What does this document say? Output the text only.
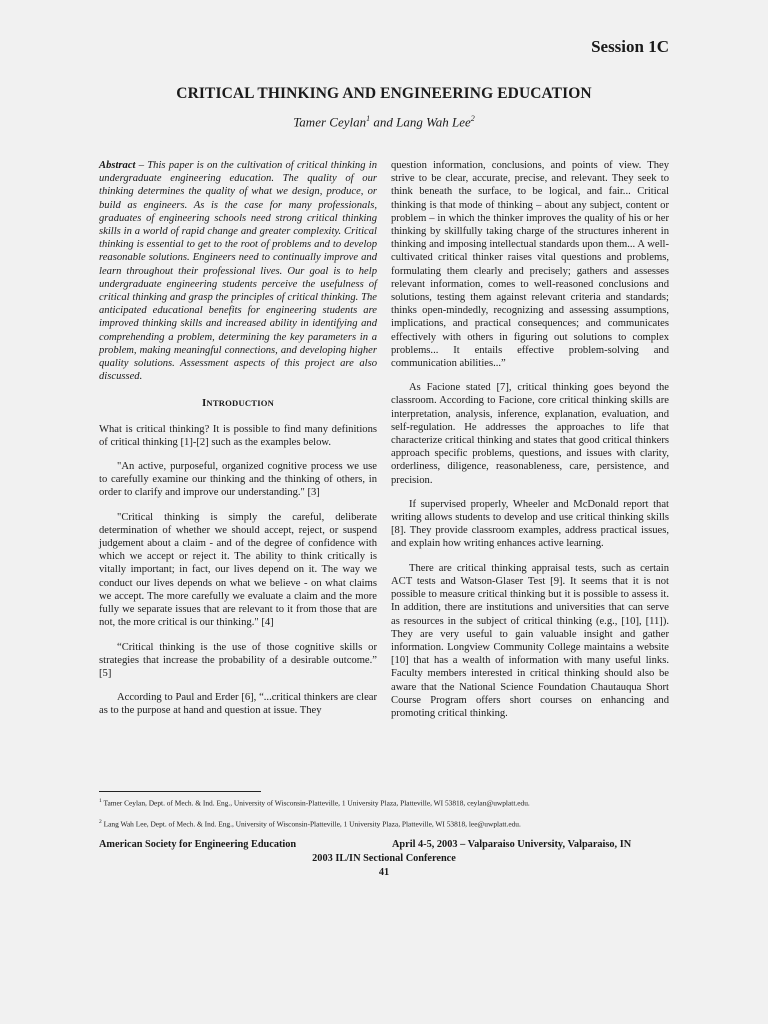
Session 1C
CRITICAL THINKING AND ENGINEERING EDUCATION
Tamer Ceylan$^1$ and Lang Wah Lee$^2$

Abstract – This paper is on the cultivation of critical thinking in undergraduate engineering education. The quality of our thinking determines the quality of what we design, produce, or build as engineers. As is the case for many professionals, graduates of engineering schools need strong critical thinking skills in a world of rapid change and greater complexity. Critical thinking is essential to get to the root of problems and to develop reasonable solutions. Engineers need to continually improve and learn throughout their professional lives. Our goal is to help undergraduate engineering students perceive the usefulness of critical thinking and grasp the principles of critical thinking. The anticipated educational benefits for engineering students are improved thinking skills and increased ability in identifying and comprehending a problem, determining the key parameters in a problem, making meaningful connections, and developing higher quality solutions. Assessment aspects of this project are also discussed.

INTRODUCTION

What is critical thinking? It is possible to find many definitions of critical thinking [1]-[2] such as the examples below.

"An active, purposeful, organized cognitive process we use to carefully examine our thinking and the thinking of others, in order to clarify and improve our understanding." [3]

"Critical thinking is simply the careful, deliberate determination of whether we should accept, reject, or suspend judgement about a claim - and of the degree of confidence with which we accept or reject it. The ability to think critically is vitally important; in fact, our lives depend on it. The way we conduct our lives depends on what we believe - on what claims we accept. The more carefully we evaluate a claim and the more fully we separate issues that are relevant to it from those that are not, the more critical is our thinking." [4]

“Critical thinking is the use of those cognitive skills or strategies that increase the probability of a desirable outcome.” [5]

According to Paul and Erder [6], “...critical thinkers are clear as to the purpose at hand and question at issue. They

question information, conclusions, and points of view. They strive to be clear, accurate, precise, and relevant. They seek to think beneath the surface, to be logical, and fair... Critical thinking is that mode of thinking – about any subject, content or problem – in which the thinker improves the quality of his or her thinking by skillfully taking charge of the structures inherent in thinking and imposing intellectual standards upon them... A well-cultivated critical thinker raises vital questions and problems, formulating them clearly and precisely; gathers and assesses relevant information, comes to well-reasoned conclusions and solutions, testing them against relevant criteria and standards; thinks open-mindedly, recognizing and assessing assumptions, implications, and practical consequences; and communicates effectively with others in figuring out solutions to complex problems... It entails effective problem-solving and communication abilities...”

As Facione stated [7], critical thinking goes beyond the classroom. According to Facione, core critical thinking skills are interpretation, analysis, inference, explanation, evaluation, and self-regulation. He addresses the approaches to life that characterize critical thinking and states that good critical thinkers approach specific problems, questions, and issues with clarity, orderliness, diligence, reasonableness, care, persistence, and precision.

If supervised properly, Wheeler and McDonald report that writing allows students to develop and use critical thinking skills [8]. They provide classroom examples, address practical issues, and explain how writing enhances active learning.

There are critical thinking appraisal tests, such as certain ACT tests and Watson-Glaser Test [9]. It seems that it is not possible to measure critical thinking but it is possible to assess it. In addition, there are institutions and universities that can serve as resources in the subject of critical thinking (e.g., [10], [11]). They are very useful to gain valuable insight and gather information. Longview Community College maintains a website [10] that has a wealth of information with many useful links. Faculty members interested in critical thinking should also be aware that the National Science Foundation Chautauqua Short Course Program offers short courses on enhancing and promoting critical thinking.

$^1$ Tamer Ceylan, Dept. of Mech. & Ind. Eng., University of Wisconsin-Platteville, 1 University Plaza, Platteville, WI 53818, ceylan@uwplatt.edu.
$^2$ Lang Wah Lee, Dept. of Mech. & Ind. Eng., University of Wisconsin-Platteville, 1 University Plaza, Platteville, WI 53818, lee@uwplatt.edu.
American Society for Engineering Education	April 4-5, 2003 – Valparaiso University, Valparaiso, IN
2003 IL/IN Sectional Conference
41
